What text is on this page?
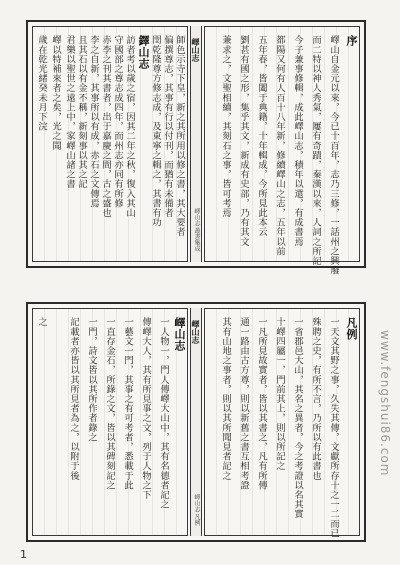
序
嶧山自金元以來，今已十百年，志乃三修，一話州之興廢
而二特以神人秀氣，屢有奇蹟，秦漢以來，人詞之所記
今子兼事修輯，成此嶧山志，積年以還，有成書焉
都陽又何有人百十八年新，修續嶧山之志，五年以前
五年春，皆闔于典籍，十年輯成，今所見此本云
劉甚有國之形，集乎其文，新成有史部，乃有其文
兼求之，文聖相續，其刻石之事，皆可考焉
嶧山志
嶧山志 叢書集成
師色示寺下皇，新之其所用以修之書，其大要者
偏撰尊志，其事有行以付刊，而猶有未備者
閏乾隆尊方修志成，及東寧之輯之，其書有功
鐸山志
訪者考以歲之宿，因其二年之秋，復入其山
守國部之尊志成四年，而州志亦同有所修
赤李之刊其書者，出于嘉慶之間，古之盛也
李之自新，其事所以有成，赤石之文傳焉
且其石以有金不稱，新刻事以其之記
君樂以聖世之遠上中，家嶧山諸之書
嶧以特補來者之矣，光之聞
歲在乾光緒癸未月下浣
凡例
一天文其野之事，久失其傳，文獻所存十之一二而已
殊聘之史，有所不言，乃所以有此書也
一省郡邑大山，其名之異者，今之考證以名其實
十嶧四屬一，門前其上，則以所記之
一凡所見故實者，皆以其書之，凡有所傳
通一路由古方尊，則以新舊之書互相考證
其有山地之事者，則以其所聞見者記之
嶧山志
嶧山志 凡例
嶧山志
一人物一，門人傳嶧大山中，其有名德者記之
傳嶧大人，其有所見事之文，列于人物之下
一藝文一門，其事之有可考者，悉載于此
一直存金石，所錄之文，皆以其碑刻記之
一門，詩文皆以其所作者錄之
記載者亦皆以其所見者為之，以附于後
之
www.fengshui86.com
1
